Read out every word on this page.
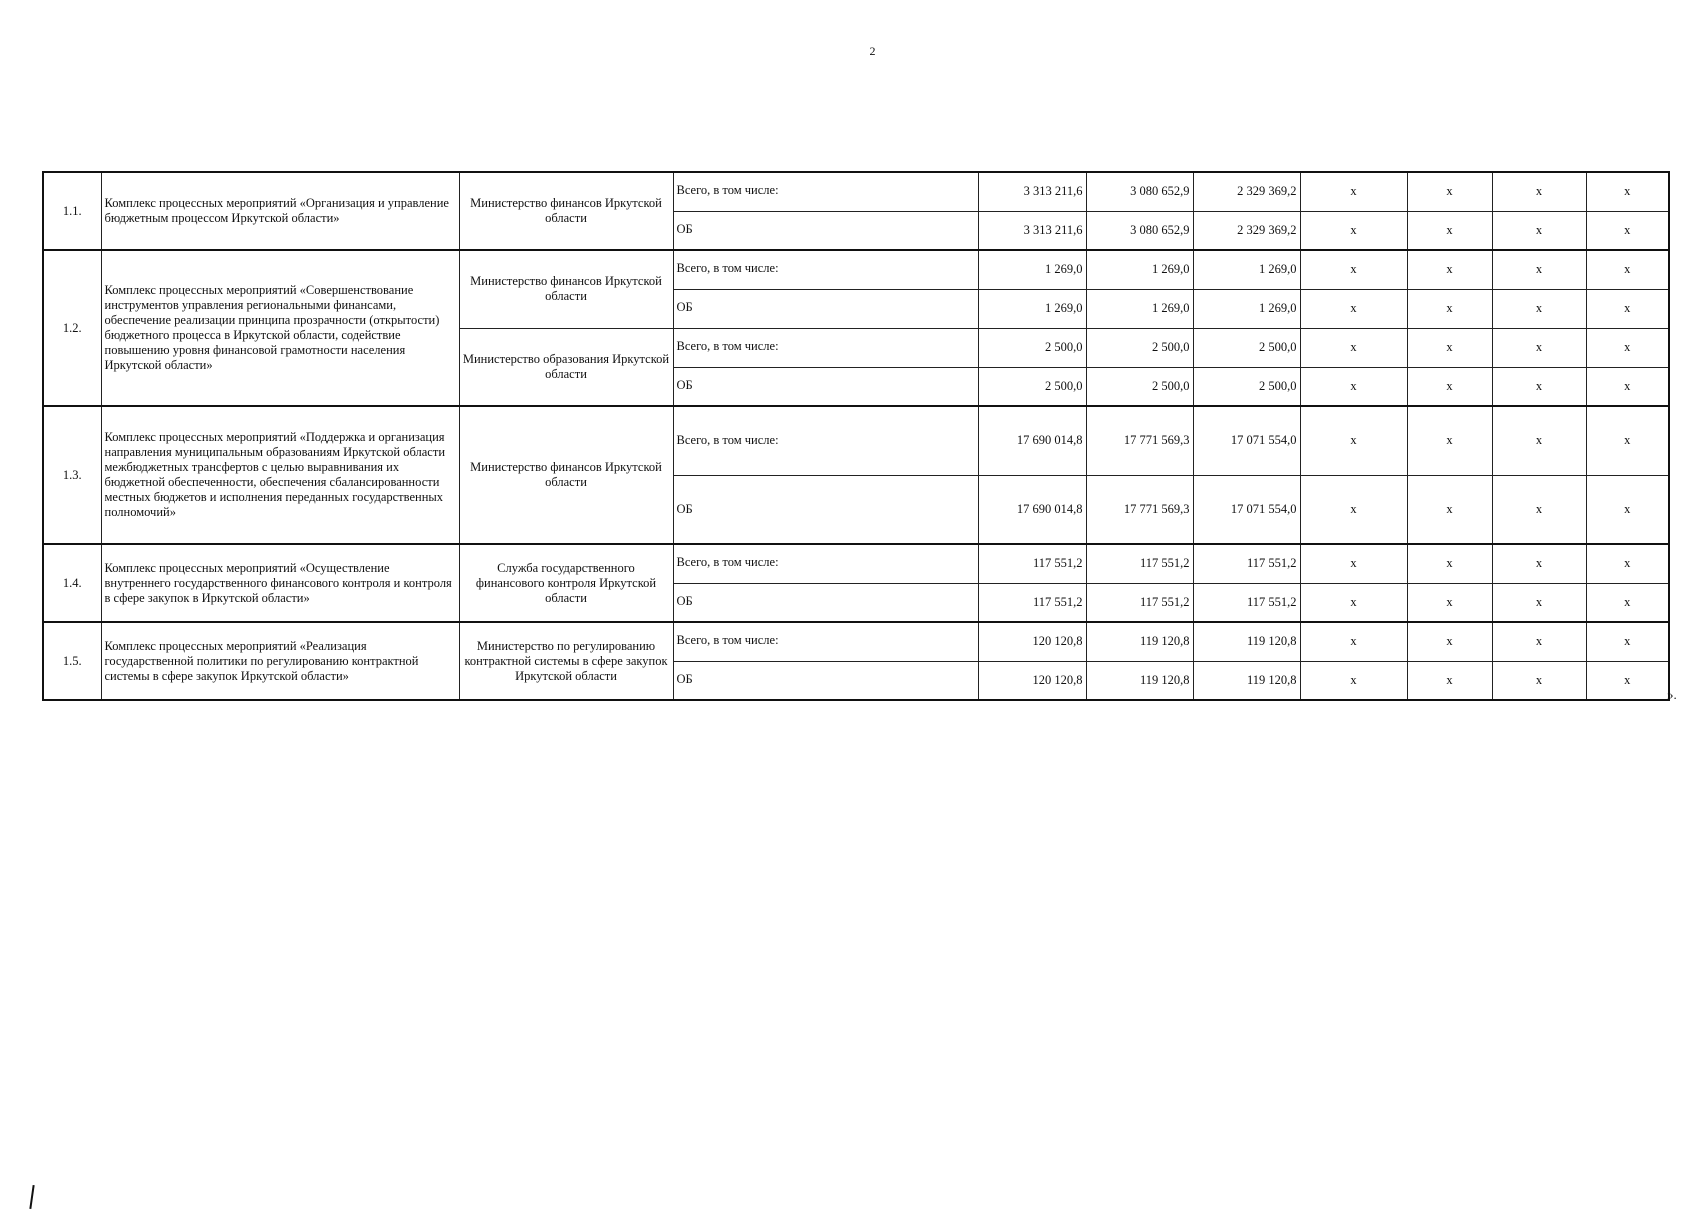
2
1.1.	Комплекс процессных мероприятий «Организация и управление бюджетным процессом Иркутской области»	Министерство финансов Иркутской области	Всего, в том числе:	3 313 211,6	3 080 652,9	2 329 369,2	x	x	x	x
			ОБ	3 313 211,6	3 080 652,9	2 329 369,2	x	x	x	x
1.2.	Комплекс процессных мероприятий «Совершенствование инструментов управления региональными финансами, обеспечение реализации принципа прозрачности (открытости) бюджетного процесса в Иркутской области, содействие повышению уровня финансовой грамотности населения Иркутской области»	Министерство финансов Иркутской области	Всего, в том числе:	1 269,0	1 269,0	1 269,0	x	x	x	x
			ОБ	1 269,0	1 269,0	1 269,0	x	x	x	x
		Министерство образования Иркутской области	Всего, в том числе:	2 500,0	2 500,0	2 500,0	x	x	x	x
			ОБ	2 500,0	2 500,0	2 500,0	x	x	x	x
1.3.	Комплекс процессных мероприятий «Поддержка и организация направления муниципальным образованиям Иркутской области межбюджетных трансфертов с целью выравнивания их бюджетной обеспеченности, обеспечения сбалансированности местных бюджетов и исполнения переданных государственных полномочий»	Министерство финансов Иркутской области	Всего, в том числе:	17 690 014,8	17 771 569,3	17 071 554,0	x	x	x	x
			ОБ	17 690 014,8	17 771 569,3	17 071 554,0	x	x	x	x
1.4.	Комплекс процессных мероприятий «Осуществление внутреннего государственного финансового контроля и контроля в сфере закупок в Иркутской области»	Служба государственного финансового контроля Иркутской области	Всего, в том числе:	117 551,2	117 551,2	117 551,2	x	x	x	x
			ОБ	117 551,2	117 551,2	117 551,2	x	x	x	x
1.5.	Комплекс процессных мероприятий «Реализация государственной политики по регулированию контрактной системы в сфере закупок Иркутской области»	Министерство по регулированию контрактной системы в сфере закупок Иркутской области	Всего, в том числе:	120 120,8	119 120,8	119 120,8	x	x	x	x
			ОБ	120 120,8	119 120,8	119 120,8	x	x	x	x
».
